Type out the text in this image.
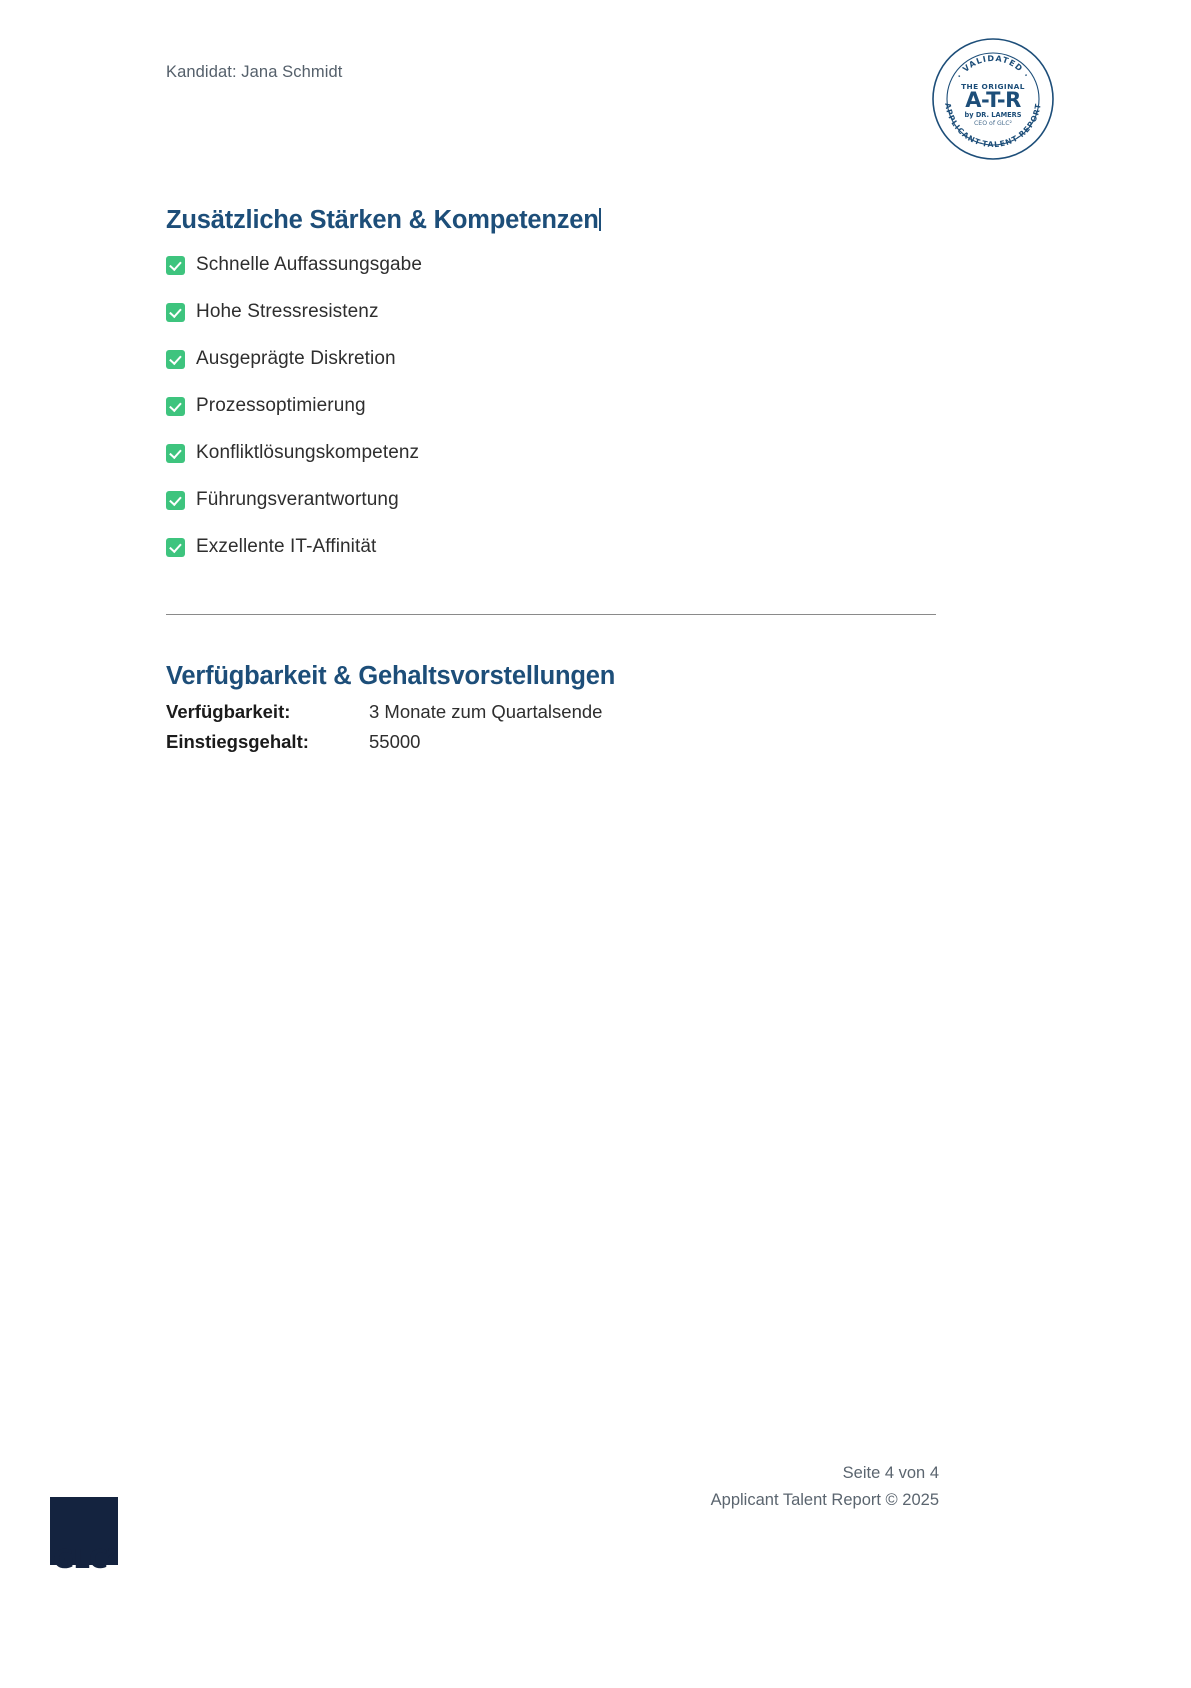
Kandidat: Jana Schmidt	· VALIDATED ·
APPLICANT-TALENT-REPORT
THE ORIGINAL
A-T-R
by DR. LAMERS
CEO of GLC²
Zusätzliche Stärken & Kompetenzen
Schnelle Auffassungsgabe
Hohe Stressresistenz
Ausgeprägte Diskretion
Prozessoptimierung
Konfliktlösungskompetenz
Führungsverantwortung
Exzellente IT-Affinität
Verfügbarkeit & Gehaltsvorstellungen
Verfügbarkeit:	3 Monate zum Quartalsende
Einstiegsgehalt:	55000
Seite 4 von 4
Applicant Talent Report © 2025
GLC$^2$
